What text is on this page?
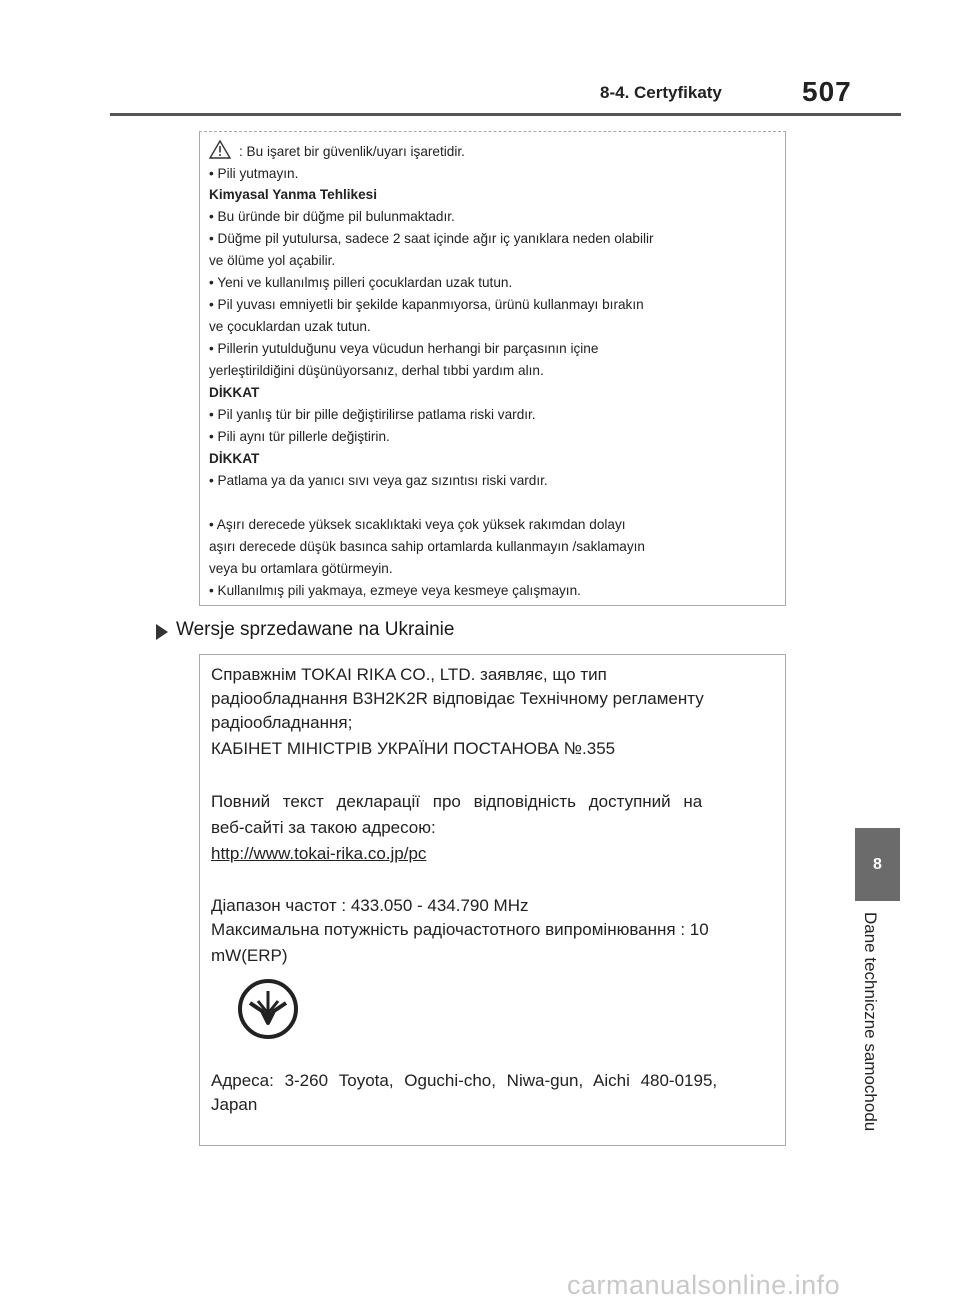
8-4. Certyfikaty	507
: Bu işaret bir güvenlik/uyarı işaretidir.
• Pili yutmayın.
Kimyasal Yanma Tehlikesi
• Bu üründe bir düğme pil bulunmaktadır.
• Düğme pil yutulursa, sadece 2 saat içinde ağır iç yanıklara neden olabilir
ve ölüme yol açabilir.
• Yeni ve kullanılmış pilleri çocuklardan uzak tutun.
• Pil yuvası emniyetli bir şekilde kapanmıyorsa, ürünü kullanmayı bırakın
ve çocuklardan uzak tutun.
• Pillerin yutulduğunu veya vücudun herhangi bir parçasının içine
yerleştirildiğini düşünüyorsanız, derhal tıbbi yardım alın.
DİKKAT
• Pil yanlış tür bir pille değiştirilirse patlama riski vardır.
• Pili aynı tür pillerle değiştirin.
DİKKAT
• Patlama ya da yanıcı sıvı veya gaz sızıntısı riski vardır.
• Aşırı derecede yüksek sıcaklıktaki veya çok yüksek rakımdan dolayı
aşırı derecede düşük basınca sahip ortamlarda kullanmayın /saklamayın
veya bu ortamlara götürmeyin.
• Kullanılmış pili yakmaya, ezmeye veya kesmeye çalışmayın.
Wersje sprzedawane na Ukrainie
Справжнім TOKAI RIKA CO., LTD. заявляє, що тип
радіообладнання B3H2K2R відповідає Технічному регламенту
радіообладнання;
КАБІНЕТ МІНІСТРІВ УКРАЇНИ ПОСТАНОВА №.355
Повний текст декларації про відповідність доступний на
веб-сайті за такою адресою:
http://www.tokai-rika.co.jp/pc
Діапазон частот : 433.050 - 434.790 MHz
Максимальна потужність радіочастотного випромінювання : 10
mW(ERP)
Адреса: 3-260 Toyota, Oguchi-cho, Niwa-gun, Aichi 480-0195,
Japan
8
Dane techniczne samochodu
carmanualsonline.info
